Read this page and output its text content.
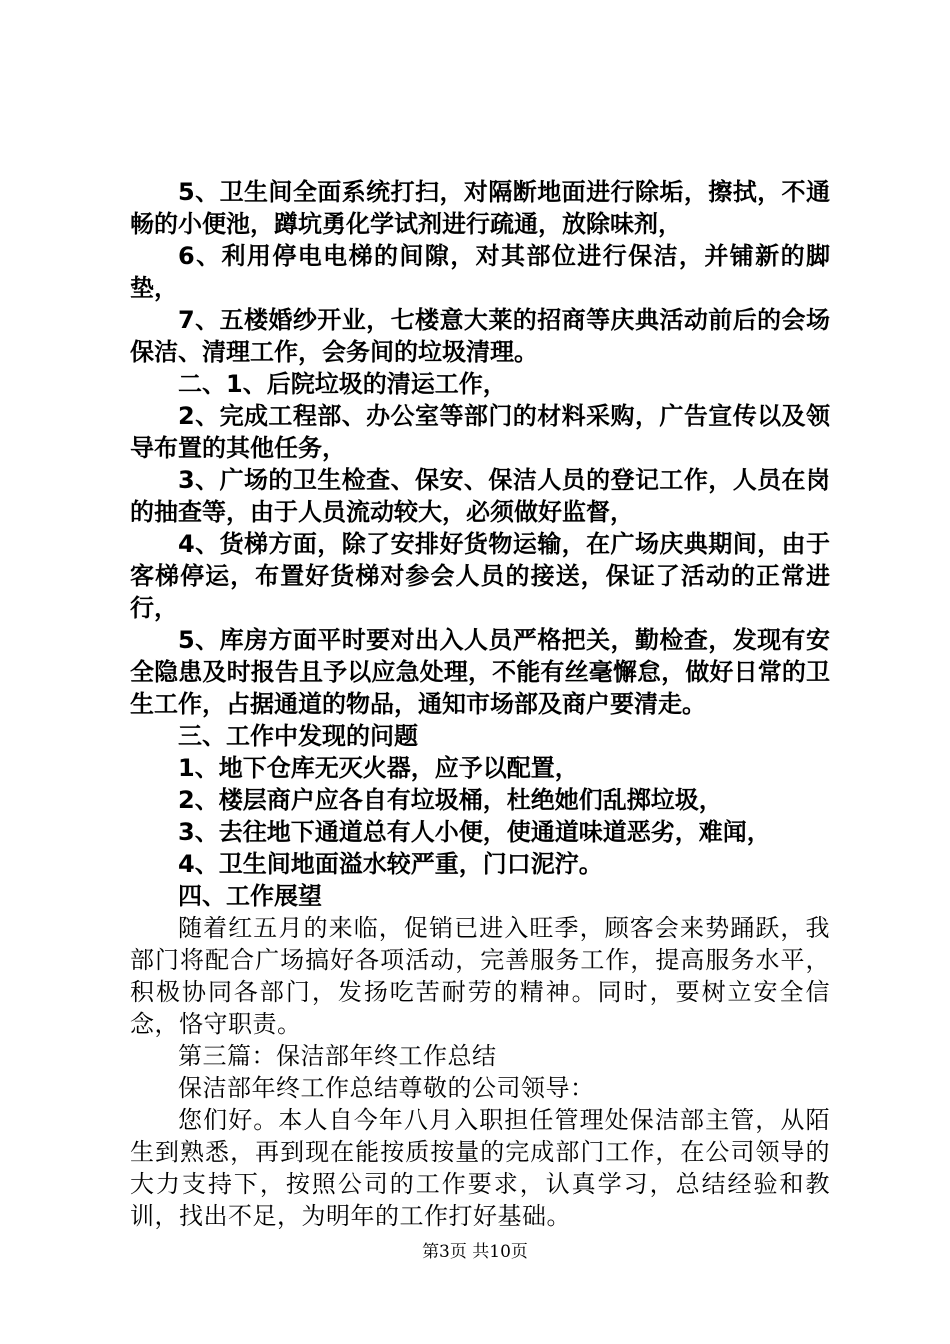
5、卫生间全面系统打扫，对隔断地面进行除垢，擦拭，不通畅的小便池，蹲坑勇化学试剂进行疏通，放除味剂，

6、利用停电电梯的间隙，对其部位进行保洁，并铺新的脚垫，

7、五楼婚纱开业，七楼意大莱的招商等庆典活动前后的会场保洁、清理工作，会务间的垃圾清理。

二、1、后院垃圾的清运工作，

2、完成工程部、办公室等部门的材料采购，广告宣传以及领导布置的其他任务，

3、广场的卫生检查、保安、保洁人员的登记工作，人员在岗的抽查等，由于人员流动较大，必须做好监督，

4、货梯方面，除了安排好货物运输，在广场庆典期间，由于客梯停运，布置好货梯对参会人员的接送，保证了活动的正常进行，

5、库房方面平时要对出入人员严格把关，勤检查，发现有安全隐患及时报告且予以应急处理，不能有丝毫懈怠，做好日常的卫生工作，占据通道的物品，通知市场部及商户要清走。

三、工作中发现的问题

1、地下仓库无灭火器，应予以配置，

2、楼层商户应各自有垃圾桶，杜绝她们乱掷垃圾，

3、去往地下通道总有人小便，使通道味道恶劣，难闻，

4、卫生间地面溢水较严重，门口泥泞。

四、工作展望

随着红五月的来临，促销已进入旺季，顾客会来势踊跃，我部门将配合广场搞好各项活动，完善服务工作，提高服务水平，积极协同各部门，发扬吃苦耐劳的精神。同时，要树立安全信念，恪守职责。

第三篇：保洁部年终工作总结

保洁部年终工作总结尊敬的公司领导：

您们好。本人自今年八月入职担任管理处保洁部主管，从陌生到熟悉，再到现在能按质按量的完成部门工作，在公司领导的大力支持下，按照公司的工作要求，认真学习，总结经验和教训，找出不足，为明年的工作打好基础。

第3页 共10页
